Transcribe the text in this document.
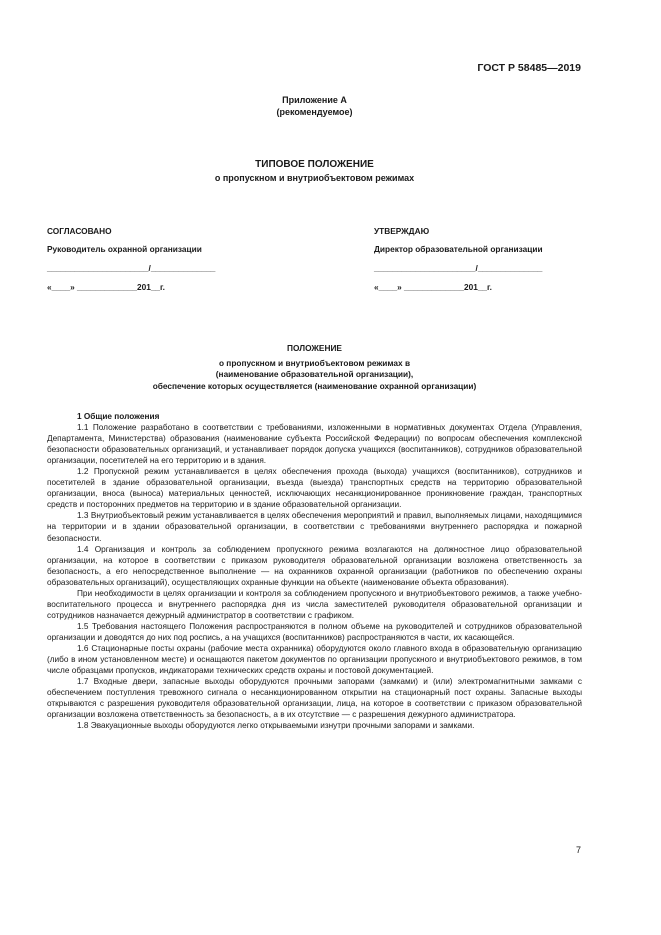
ГОСТ Р 58485—2019
Приложение А
(рекомендуемое)
ТИПОВОЕ ПОЛОЖЕНИЕ
о пропускном и внутриобъектовом режимах
СОГЛАСОВАНО
Руководитель охранной организации
______________________/______________
«____» _____________201__г.
УТВЕРЖДАЮ
Директор образовательной организации
______________________/______________
«____» _____________201__г.
ПОЛОЖЕНИЕ
о пропускном и внутриобъектовом режимах в
(наименование образовательной организации),
обеспечение которых осуществляется (наименование охранной организации)

1 Общие положения

1.1 Положение разработано в соответствии с требованиями, изложенными в нормативных документах Отдела (Управления, Департамента, Министерства) образования (наименование субъекта Российской Федерации) по вопросам обеспечения комплексной безопасности образовательных организаций, и устанавливает порядок допуска учащихся (воспитанников), сотрудников образовательной организации, посетителей на его территорию и в здания.

1.2 Пропускной режим устанавливается в целях обеспечения прохода (выхода) учащихся (воспитанников), сотрудников и посетителей в здание образовательной организации, въезда (выезда) транспортных средств на территорию образовательной организации, вноса (выноса) материальных ценностей, исключающих несанкционированное проникновение граждан, транспортных средств и посторонних предметов на территорию и в здание образовательной организации.

1.3 Внутриобъектовый режим устанавливается в целях обеспечения мероприятий и правил, выполняемых лицами, находящимися на территории и в здании образовательной организации, в соответствии с требованиями внутреннего распорядка и пожарной безопасности.

1.4 Организация и контроль за соблюдением пропускного режима возлагаются на должностное лицо образовательной организации, на которое в соответствии с приказом руководителя образовательной организации возложена ответственность за безопасность, а его непосредственное выполнение — на охранников охранной организации (работников по обеспечению охраны образовательных организаций), осуществляющих охранные функции на объекте (наименование объекта образования).

При необходимости в целях организации и контроля за соблюдением пропускного и внутриобъектового режимов, а также учебно-воспитательного процесса и внутреннего распорядка дня из числа заместителей руководителя образовательной организации и сотрудников назначается дежурный администратор в соответствии с графиком.

1.5 Требования настоящего Положения распространяются в полном объеме на руководителей и сотрудников образовательной организации и доводятся до них под роспись, а на учащихся (воспитанников) распространяются в части, их касающейся.

1.6 Стационарные посты охраны (рабочие места охранника) оборудуются около главного входа в образовательную организацию (либо в ином установленном месте) и оснащаются пакетом документов по организации пропускного и внутриобъектового режимов, в том числе образцами пропусков, индикаторами технических средств охраны и постовой документацией.

1.7 Входные двери, запасные выходы оборудуются прочными запорами (замками) и (или) электромагнитными замками с обеспечением поступления тревожного сигнала о несанкционированном открытии на стационарный пост охраны. Запасные выходы открываются с разрешения руководителя образовательной организации, лица, на которое в соответствии с приказом образовательной организации возложена ответственность за безопасность, а в их отсутствие — с разрешения дежурного администратора.

1.8 Эвакуационные выходы оборудуются легко открываемыми изнутри прочными запорами и замками.

7
